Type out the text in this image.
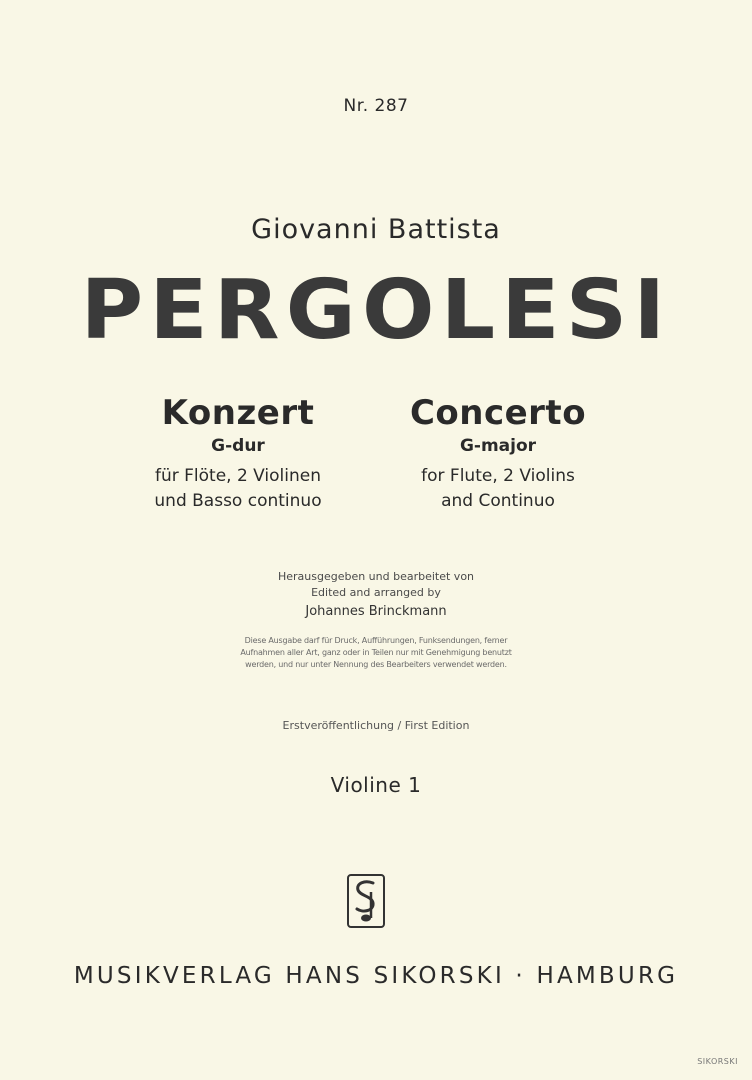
Nr. 287
Giovanni Battista
PERGOLESI
Konzert
G-dur
für Flöte, 2 Violinen
und Basso continuo
Concerto
G-major
for Flute, 2 Violins
and Continuo
Herausgegeben und bearbeitet von
Edited and arranged by
Johannes Brinckmann
Diese Ausgabe darf für Druck, Aufführungen, Funksendungen, ferner
Aufnahmen aller Art, ganz oder in Teilen nur mit Genehmigung benutzt
werden, und nur unter Nennung des Bearbeiters verwendet werden.
Erstveröffentlichung / First Edition
Violine 1
MUSIKVERLAG HANS SIKORSKI · HAMBURG
SIKORSKI
